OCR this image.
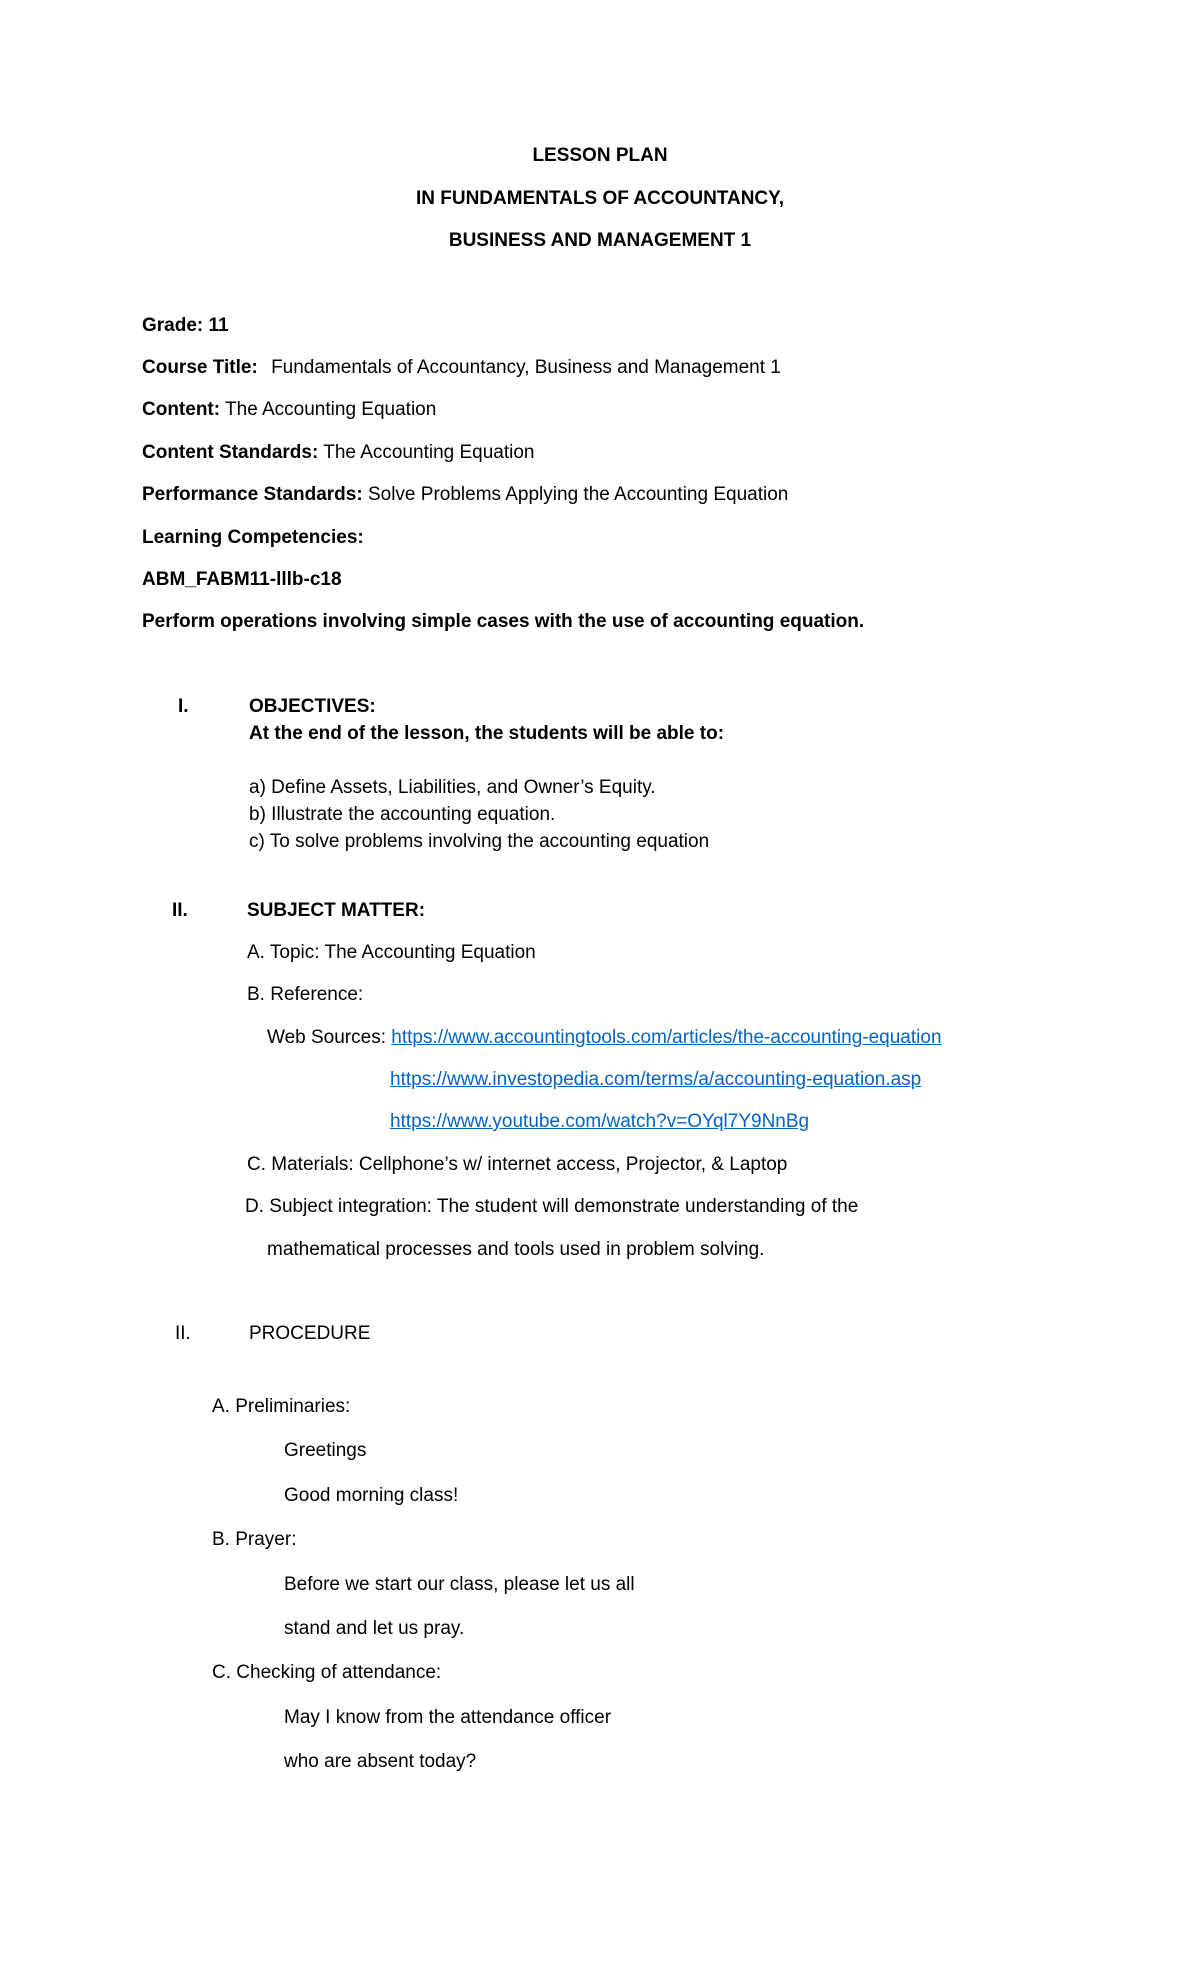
LESSON PLAN
IN FUNDAMENTALS OF ACCOUNTANCY,
BUSINESS AND MANAGEMENT 1
Grade: 11
Course Title: Fundamentals of Accountancy, Business and Management 1
Content: The Accounting Equation
Content Standards: The Accounting Equation
Performance Standards: Solve Problems Applying the Accounting Equation
Learning Competencies:
ABM_FABM11-lllb-c18
Perform operations involving simple cases with the use of accounting equation.
I.	OBJECTIVES:
At the end of the lesson, the students will be able to:
a) Define Assets, Liabilities, and Owner’s Equity.
b) Illustrate the accounting equation.
c) To solve problems involving the accounting equation
II.	SUBJECT MATTER:
A. Topic: The Accounting Equation
B. Reference:
Web Sources: https://www.accountingtools.com/articles/the-accounting-equation
https://www.investopedia.com/terms/a/accounting-equation.asp
https://www.youtube.com/watch?v=OYql7Y9NnBg
C. Materials: Cellphone’s w/ internet access, Projector, & Laptop
D. Subject integration: The student will demonstrate understanding of the
mathematical processes and tools used in problem solving.
II.	PROCEDURE
A. Preliminaries:
Greetings
Good morning class!
B. Prayer:
Before we start our class, please let us all
stand and let us pray.
C. Checking of attendance:
May I know from the attendance officer
who are absent today?
